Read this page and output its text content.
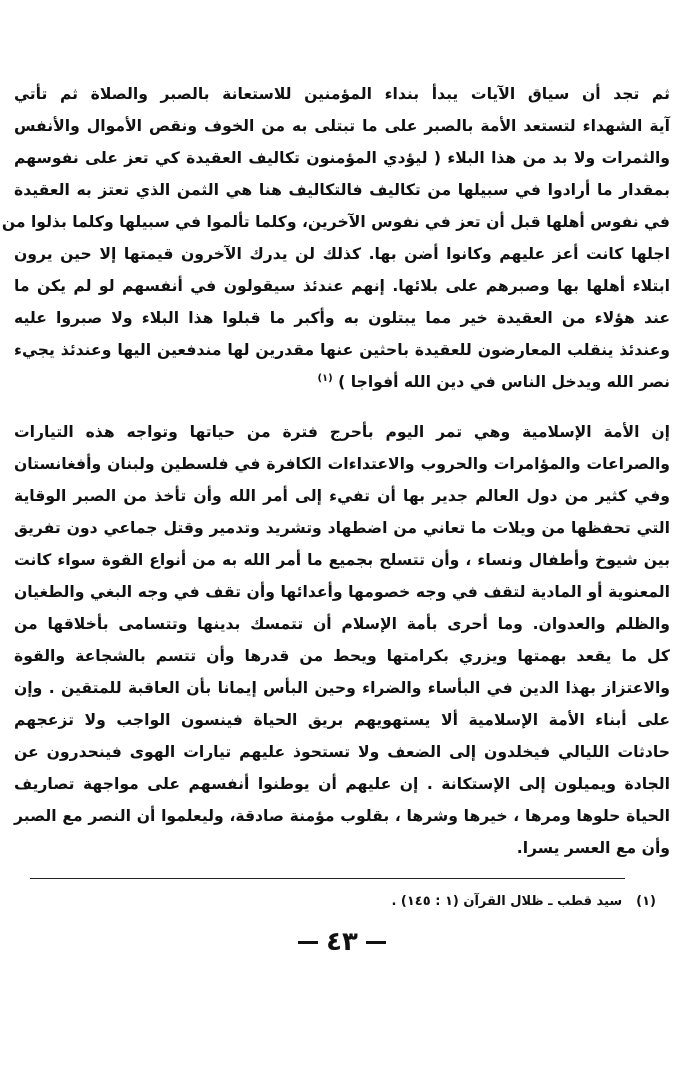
ثم تجد أن سياق الآيات يبدأ بنداء المؤمنين للاستعانة بالصبر والصلاة ثم تأتي
آية الشهداء لتستعد الأمة بالصبر على ما تبتلى به من الخوف ونقص الأموال والأنفس
والثمرات ولا بد من هذا البلاء ( ليؤدي المؤمنون تكاليف العقيدة كي تعز على نفوسهم
بمقدار ما أرادوا في سبيلها من تكاليف فالتكاليف هنا هي الثمن الذي تعتز به العقيدة
في نفوس أهلها قبل أن تعز في نفوس الآخرين، وكلما تألموا في سبيلها وكلما بذلوا من
اجلها كانت أعز عليهم وكانوا أضن بها. كذلك لن يدرك الآخرون قيمتها إلا حين يرون
ابتلاء أهلها بها وصبرهم على بلائها. إنهم عندئذ سيقولون في أنفسهم لو لم يكن ما
عند هؤلاء من العقيدة خير مما يبتلون به وأكبر ما قبلوا هذا البلاء ولا صبروا عليه
وعندئذ ينقلب المعارضون للعقيدة باحثين عنها مقدرين لها مندفعين اليها وعندئذ يجيء
نصر الله ويدخل الناس في دين الله أفواجا ) $^{(١)}$
إن الأمة الإسلامية وهي تمر اليوم بأحرج فترة من حياتها وتواجه هذه التيارات
والصراعات والمؤامرات والحروب والاعتداءات الكافرة في فلسطين ولبنان وأفغانستان
وفي كثير من دول العالم جدير بها أن تفيء إلى أمر الله وأن تأخذ من الصبر الوقاية
التي تحفظها من ويلات ما تعاني من اضطهاد وتشريد وتدمير وقتل جماعي دون تفريق
بين شيوخ وأطفال ونساء ، وأن تتسلح بجميع ما أمر الله به من أنواع القوة سواء كانت
المعنوية أو المادية لتقف في وجه خصومها وأعدائها وأن تقف في وجه البغي والطغيان
والظلم والعدوان. وما أحرى بأمة الإسلام أن تتمسك بدينها وتتسامى بأخلاقها من
كل ما يقعد بهمتها ويزري بكرامتها ويحط من قدرها وأن تتسم بالشجاعة والقوة
والاعتزاز بهذا الدين في البأساء والضراء وحين البأس إيمانا بأن العاقبة للمتقين . وإن
على أبناء الأمة الإسلامية ألا يستهويهم بريق الحياة فينسون الواجب ولا تزعجهم
حادثات الليالي فيخلدون إلى الضعف ولا تستحوذ عليهم تيارات الهوى فينحدرون عن
الجادة ويميلون إلى الإستكانة . إن عليهم أن يوطنوا أنفسهم على مواجهة تصاريف
الحياة حلوها ومرها ، خيرها وشرها ، بقلوب مؤمنة صادقة، وليعلموا أن النصر مع الصبر
وأن مع العسر يسرا.
(١)سيد قطب ـ ظلال القرآن (١ : ١٤٥) .
٤٣
